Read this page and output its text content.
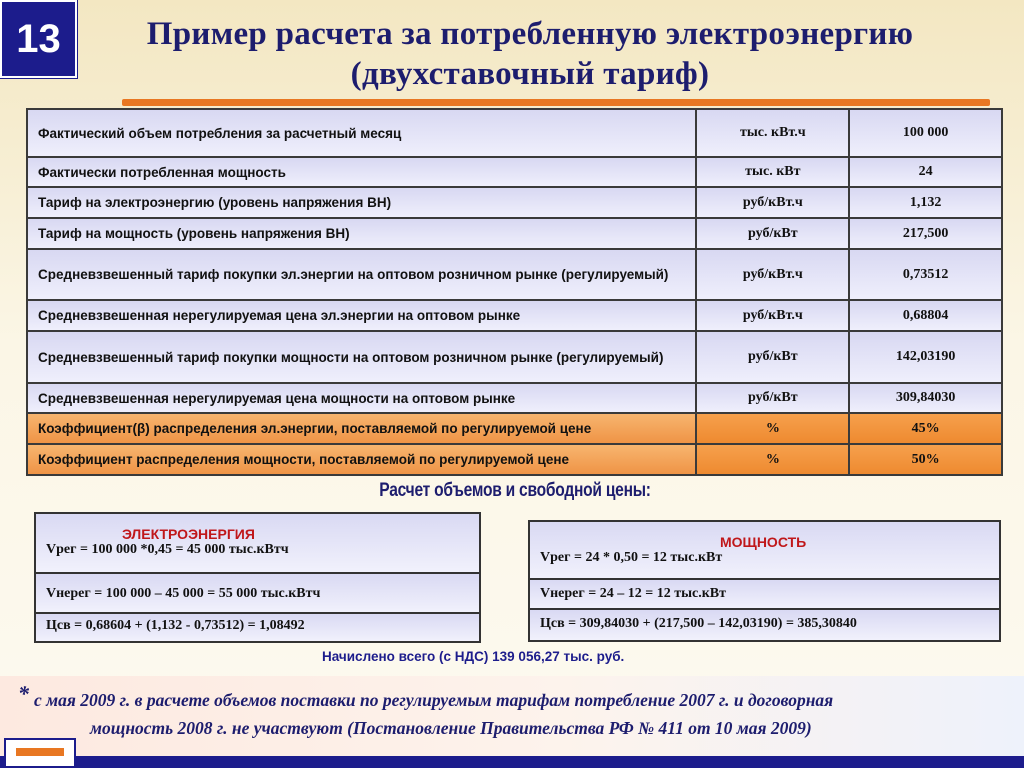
13	Пример расчета за потребленную электроэнергию
(двухставочный тариф)
Фактический объем потребления за расчетный месяц	тыс. кВт.ч	100 000
Фактически потребленная мощность	тыс. кВт	24
Тариф на электроэнергию (уровень напряжения ВН)	руб/кВт.ч	1,132
Тариф на мощность (уровень напряжения ВН)	руб/кВт	217,500
Средневзвешенный тариф покупки эл.энергии на оптовом розничном рынке (регулируемый)	руб/кВт.ч	0,73512
Средневзвешенная нерегулируемая цена эл.энергии на оптовом рынке	руб/кВт.ч	0,68804
Средневзвешенный тариф покупки мощности на оптовом розничном рынке (регулируемый)	руб/кВт	142,03190
Средневзвешенная нерегулируемая цена мощности на оптовом рынке	руб/кВт	309,84030
Коэффициент(β) распределения эл.энергии, поставляемой по регулируемой цене	%	45%
Коэффициент распределения мощности, поставляемой по регулируемой цене	%	50%
Расчет объемов и свободной цены:
ЭЛЕКТРОЭНЕРГИЯ
Vрег = 100 000 *0,45 = 45 000 тыс.кВтч
Vнерег = 100 000 – 45 000 = 55 000 тыс.кВтч
Цсв = 0,68604 + (1,132 - 0,73512) = 1,08492
МОЩНОСТЬ
Vрег = 24 * 0,50 = 12 тыс.кВт
Vнерег = 24 – 12 = 12 тыс.кВт
Цсв = 309,84030 + (217,500 – 142,03190) = 385,30840
Начислено всего (с НДС) 139 056,27 тыс. руб.
* с мая 2009 г. в расчете объемов поставки по регулируемым тарифам потребление 2007 г. и договорная
мощность 2008 г. не участвуют (Постановление Правительства РФ № 411 от 10 мая 2009)
